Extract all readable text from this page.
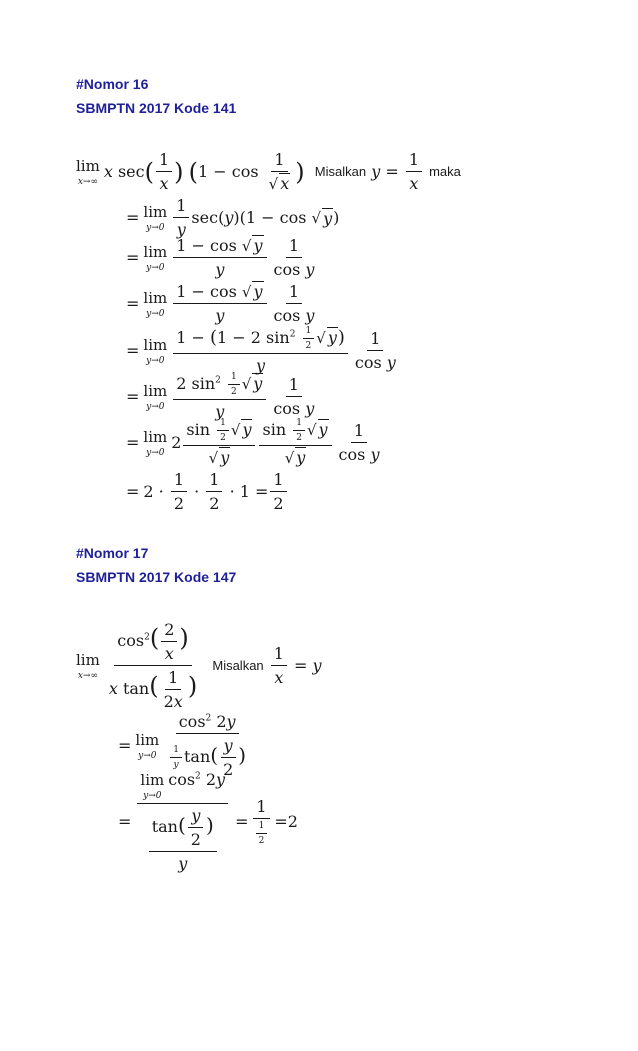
#Nomor 16
SBMPTN 2017 Kode 141
lim
x→∞
x sec ( $\frac{1}{x}$ )
( $1 - \cos \frac{1}{√ x}$ )
Misalkan
$y = \frac{1}{x}$
maka
= lim
$y\to 0 \frac{1}{y} \sec$( y )(1 − cos √ y )
= lim
$y\to 0 \frac{1 - \cos √ y}{y} \frac{1}{\text{cos y}}$
= lim
$y\to 0 \frac{1 - \cos √ y}{y} \frac{1}{\text{cos y}}$
= lim
$y\to 0 \frac{1 - (1 - 2 \sin^2 \frac{1}{2} √ y)}{y} \frac{1}{\text{cos y}}$
= lim
$y\to 0 \frac{2 \sin^2 \frac{1}{2} √ y}{y} \frac{1}{\text{cos y}}$
= lim
y→0
$2 \frac{\sin \frac{1}{2} √ y}{√ y} \frac{\sin \frac{1}{2} √ y}{√ y} \frac{1}{\text{cos y}}$
= $2 \cdot \frac{1}{2} \cdot \frac{1}{2} \cdot 1 = \frac{1}{2}$
#Nomor 17
SBMPTN 2017 Kode 147
lim
$x\to\infty \frac{\cos^2( \frac{2}{x} )}{x \tan( \frac{1}{2x} )}$
Misalkan
$\frac{1}{x} = y$
= lim
$y\to 0 \frac{\cos^2 2y}{\frac{1}{y} \tan( \frac{y}{2} )}$
= lim
y→0
$\cos^2 2y$
$\frac{\tan( \frac{y}{2} )}{y} = \frac{1}{\frac{1}{2}} =2$
